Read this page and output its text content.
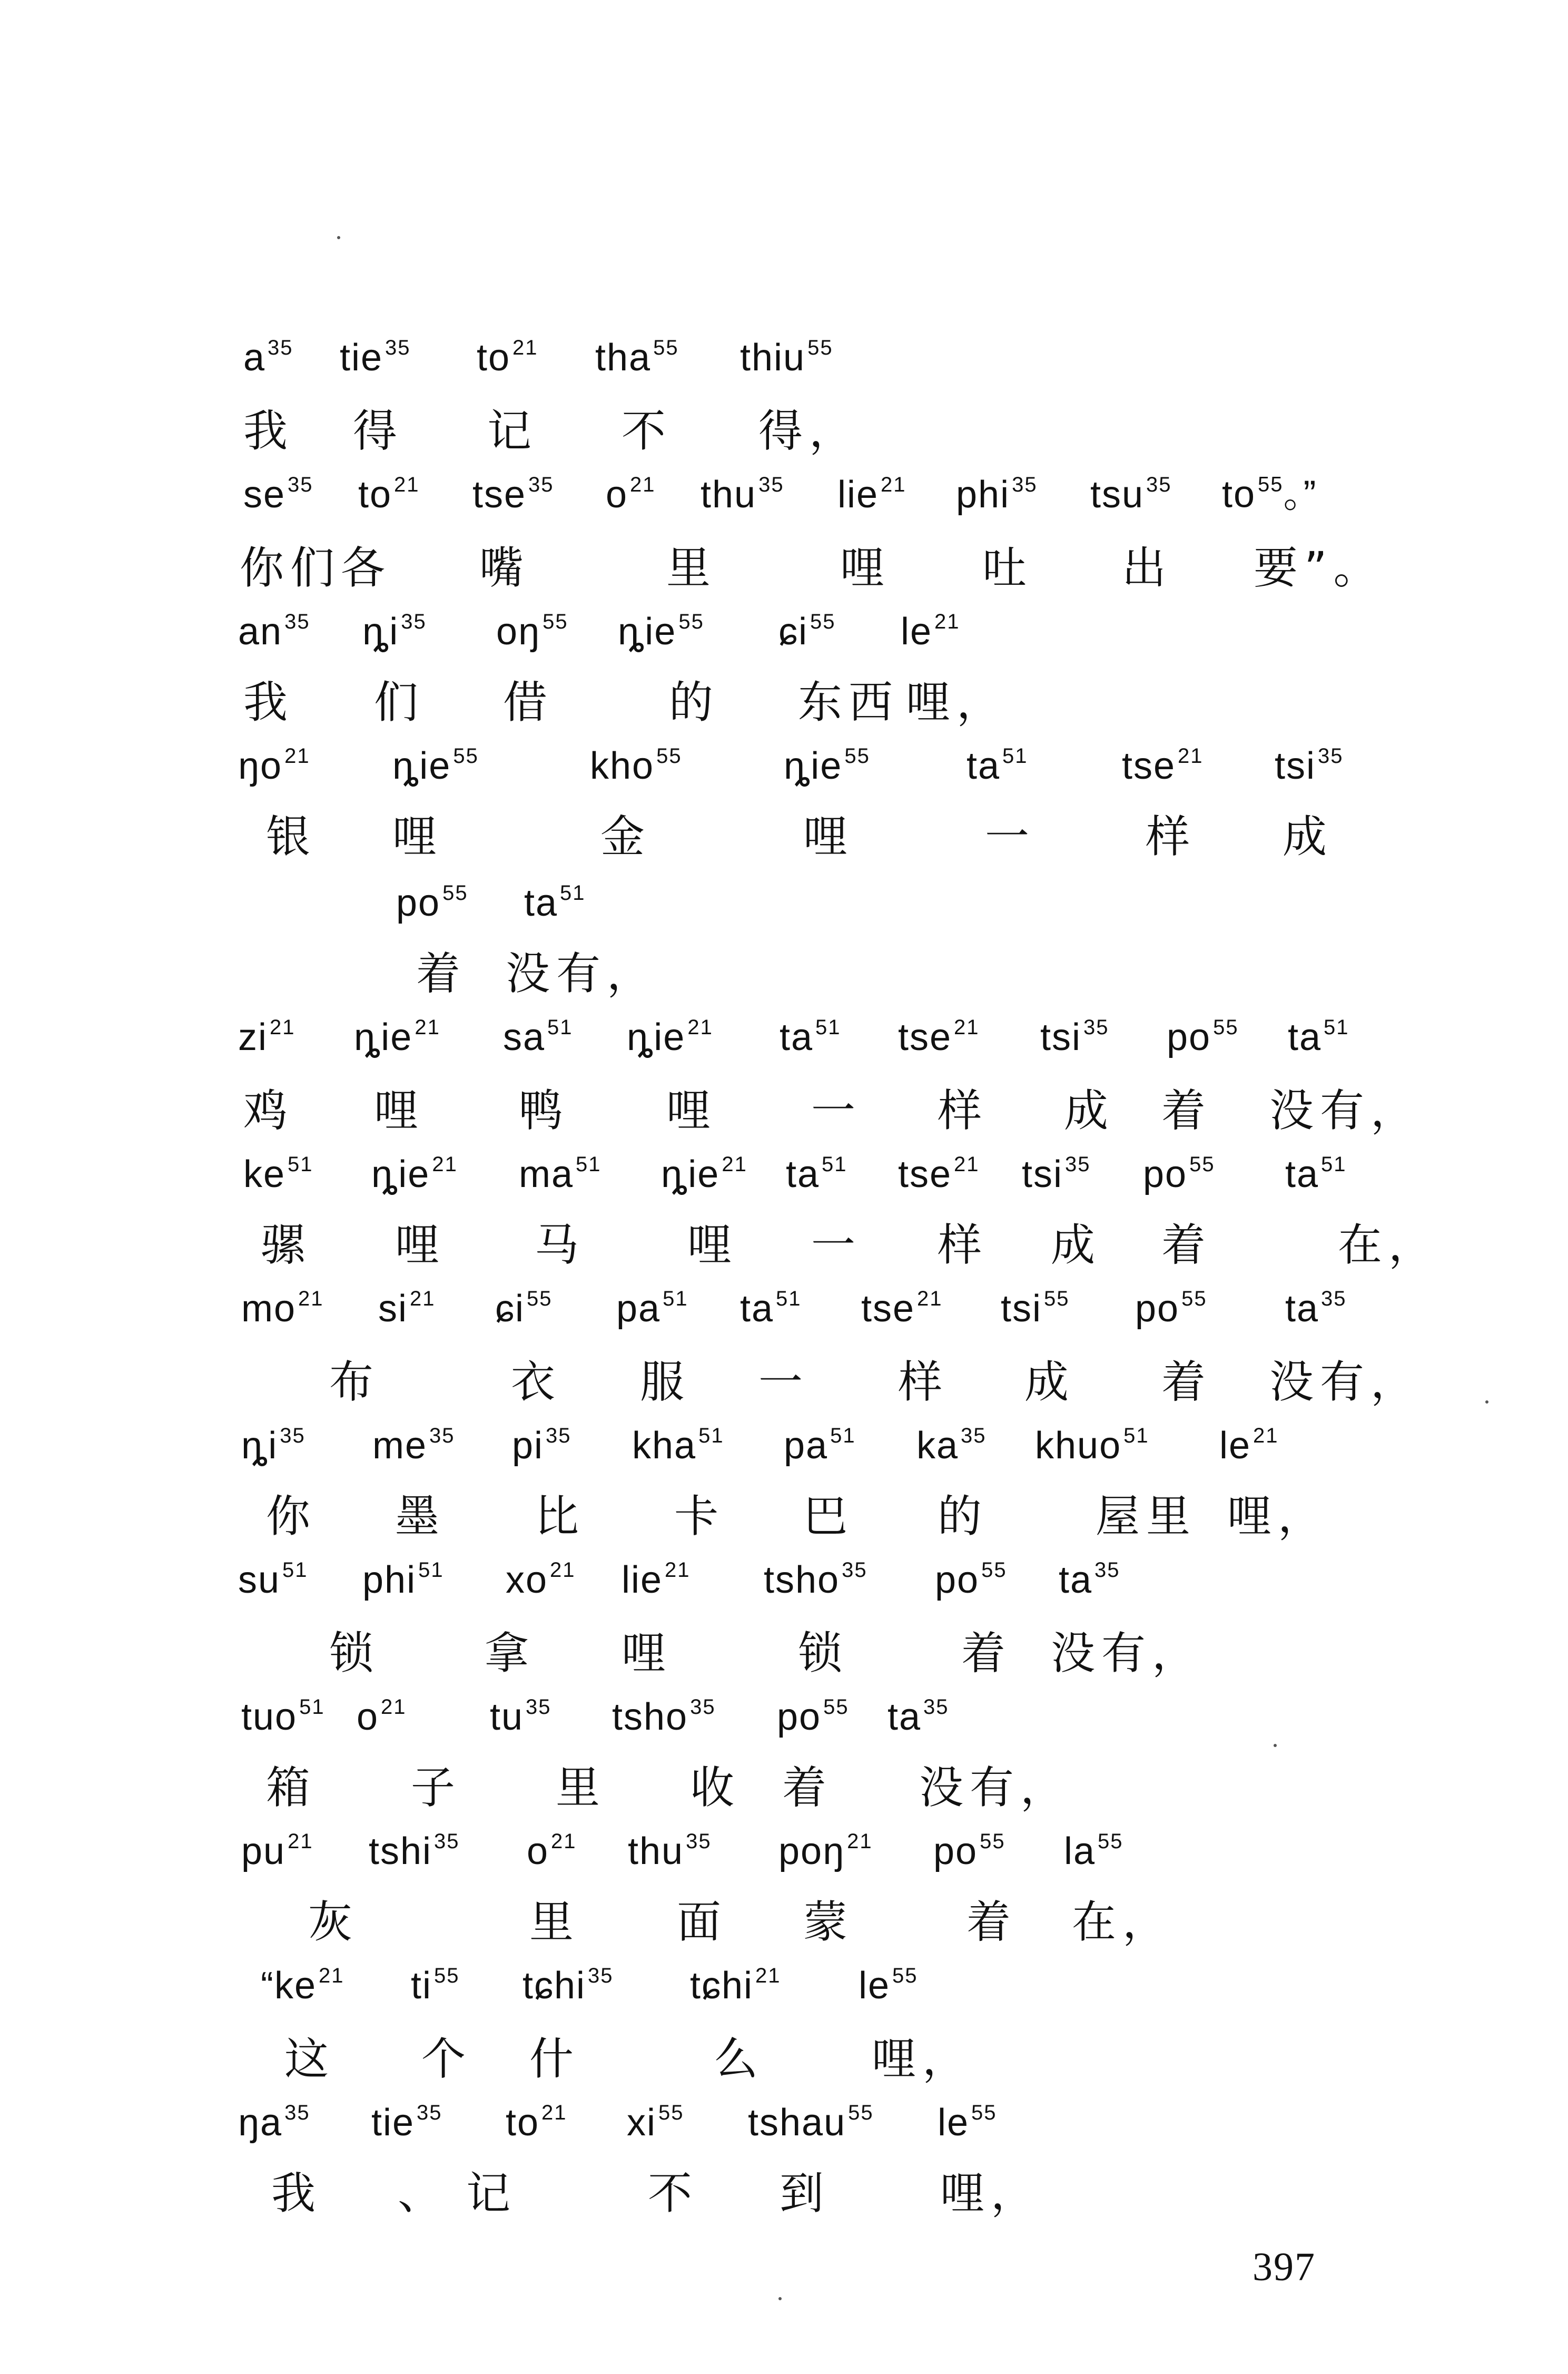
a $^{35}$ tie $^{35}$ to $^{21}$ tha $^{55}$ thiu $^{55}$
我 得 记 不 得，
se $^{35}$ to $^{21}$ tse $^{35}$ o $^{21}$ thu $^{35}$ lie $^{21}$ phi $^{35}$ tsu $^{35}$ to $^{55}$。”
你们各 嘴	里	哩 吐 出 要”。
an $^{35}$ ȵi $^{35}$ oŋ $^{55}$ ȵie $^{55}$ ɕi $^{55}$ le $^{21}$
我 们 借	的 东西 哩，
ŋo $^{21}$ ȵie $^{55}$	kho $^{55}$	ȵie $^{55}$	ta $^{51}$ tse $^{21}$ tsi $^{35}$
银 哩	金	哩	一 样 成
po $^{55}$ ta $^{51}$
着 没有，
zi $^{21}$ ȵie $^{21}$ sa $^{51}$ ȵie $^{21}$ ta $^{51}$ tse $^{21}$ tsi $^{35}$ po $^{55}$ ta $^{51}$
鸡 哩 鸭 哩 一 样 成 着 没有，
ke $^{51}$ ȵie $^{21}$ ma $^{51}$ ȵie $^{21}$ ta $^{51}$ tse $^{21}$ tsi $^{35}$ po $^{55}$ ta $^{51}$
骡 哩 马 哩 一 样 成 着	在，
mo $^{21}$ si $^{21}$ ɕi $^{55}$ pa $^{51}$ ta $^{51}$ tse $^{21}$ tsi $^{55}$ po $^{55}$ ta $^{35}$
布	衣 服 一 样 成 着 没有，
ȵi $^{35}$ me $^{35}$ pi $^{35}$ kha $^{51}$ pa $^{51}$ ka $^{35}$ khuo $^{51}$ le $^{21}$
你 墨 比 卡 巴 的 屋里 哩，
su $^{51}$ phi $^{51}$ xo $^{21}$ lie $^{21}$ tsho $^{35}$ po $^{55}$ ta $^{35}$
锁 拿 哩	锁	着 没有，
tuo $^{51}$ o $^{21}$ tu $^{35}$ tsho $^{35}$ po $^{55}$ ta $^{35}$
箱 子 里 收 着 没有，
pu $^{21}$ tshi $^{35}$ o $^{21}$ thu $^{35}$ poŋ $^{21}$ po $^{55}$ la $^{55}$
灰	里 面 蒙	着 在，
“ke $^{21}$ ti $^{55}$ tɕhi $^{35}$ tɕhi $^{21}$ le $^{55}$
这 个 什	么 哩，
ŋa $^{35}$ tie $^{35}$ to $^{21}$ xi $^{55}$ tshau $^{55}$ le $^{55}$
我 、 记	不 到 哩，
397
